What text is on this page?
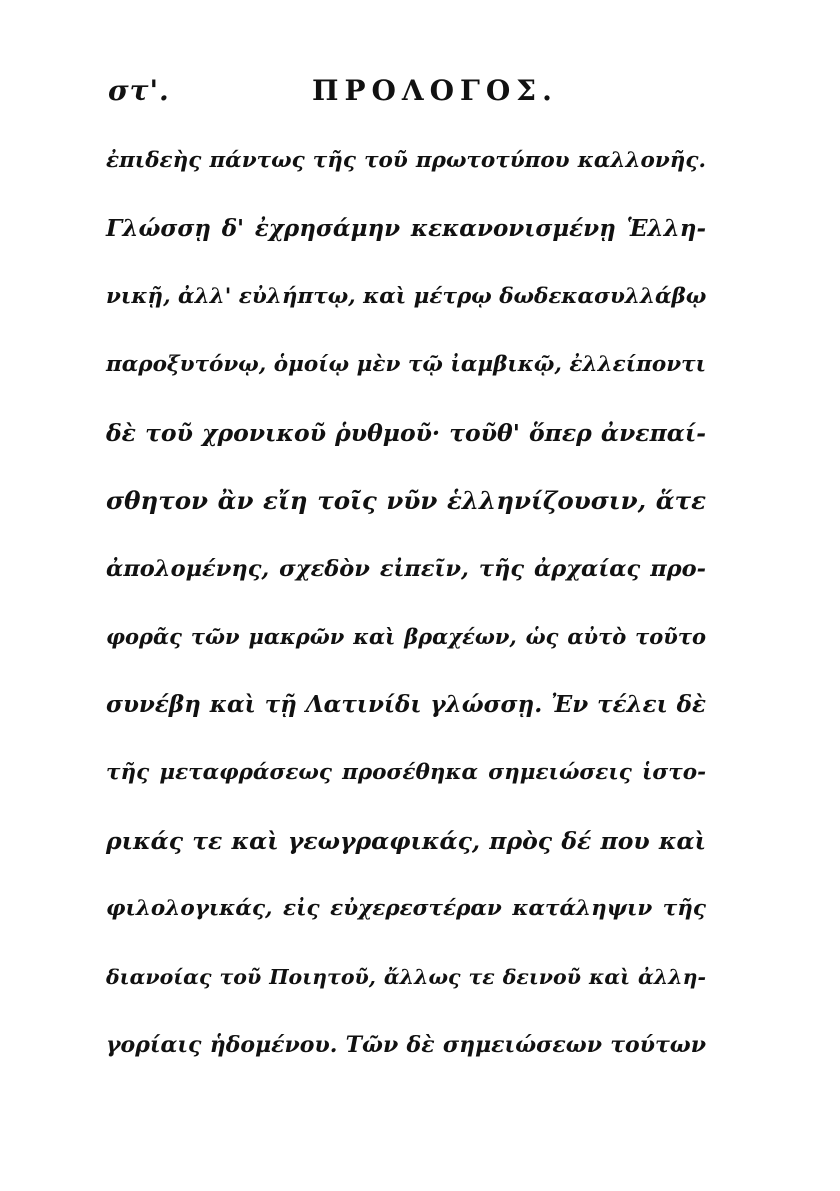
στ'.	ΠΡΟΛΟΓΟΣ.
ἐπιδεὴς πάντως τῆς τοῦ πρωτοτύπου καλλονῆς.
Γλώσσῃ δ' ἐχρησάμην κεκανονισμένῃ Ἑλλη-
νικῇ, ἀλλ' εὐλήπτῳ, καὶ μέτρῳ δωδεκασυλλάβῳ
παροξυτόνῳ, ὁμοίῳ μὲν τῷ ἰαμβικῷ, ἐλλείποντι
δὲ τοῦ χρονικοῦ ῥυθμοῦ· τοῦθ' ὅπερ ἀνεπαί-
σθητον ἂν εἴη τοῖς νῦν ἑλληνίζουσιν, ἅτε
ἀπολομένης, σχεδὸν εἰπεῖν, τῆς ἀρχαίας προ-
φορᾶς τῶν μακρῶν καὶ βραχέων, ὡς αὐτὸ τοῦτο
συνέβη καὶ τῇ Λατινίδι γλώσσῃ. Ἐν τέλει δὲ
τῆς μεταφράσεως προσέθηκα σημειώσεις ἱστο-
ρικάς τε καὶ γεωγραφικάς, πρὸς δέ που καὶ
φιλολογικάς, εἰς εὐχερεστέραν κατάληψιν τῆς
διανοίας τοῦ Ποιητοῦ, ἄλλως τε δεινοῦ καὶ ἀλλη-
γορίαις ἡδομένου. Τῶν δὲ σημειώσεων τούτων
